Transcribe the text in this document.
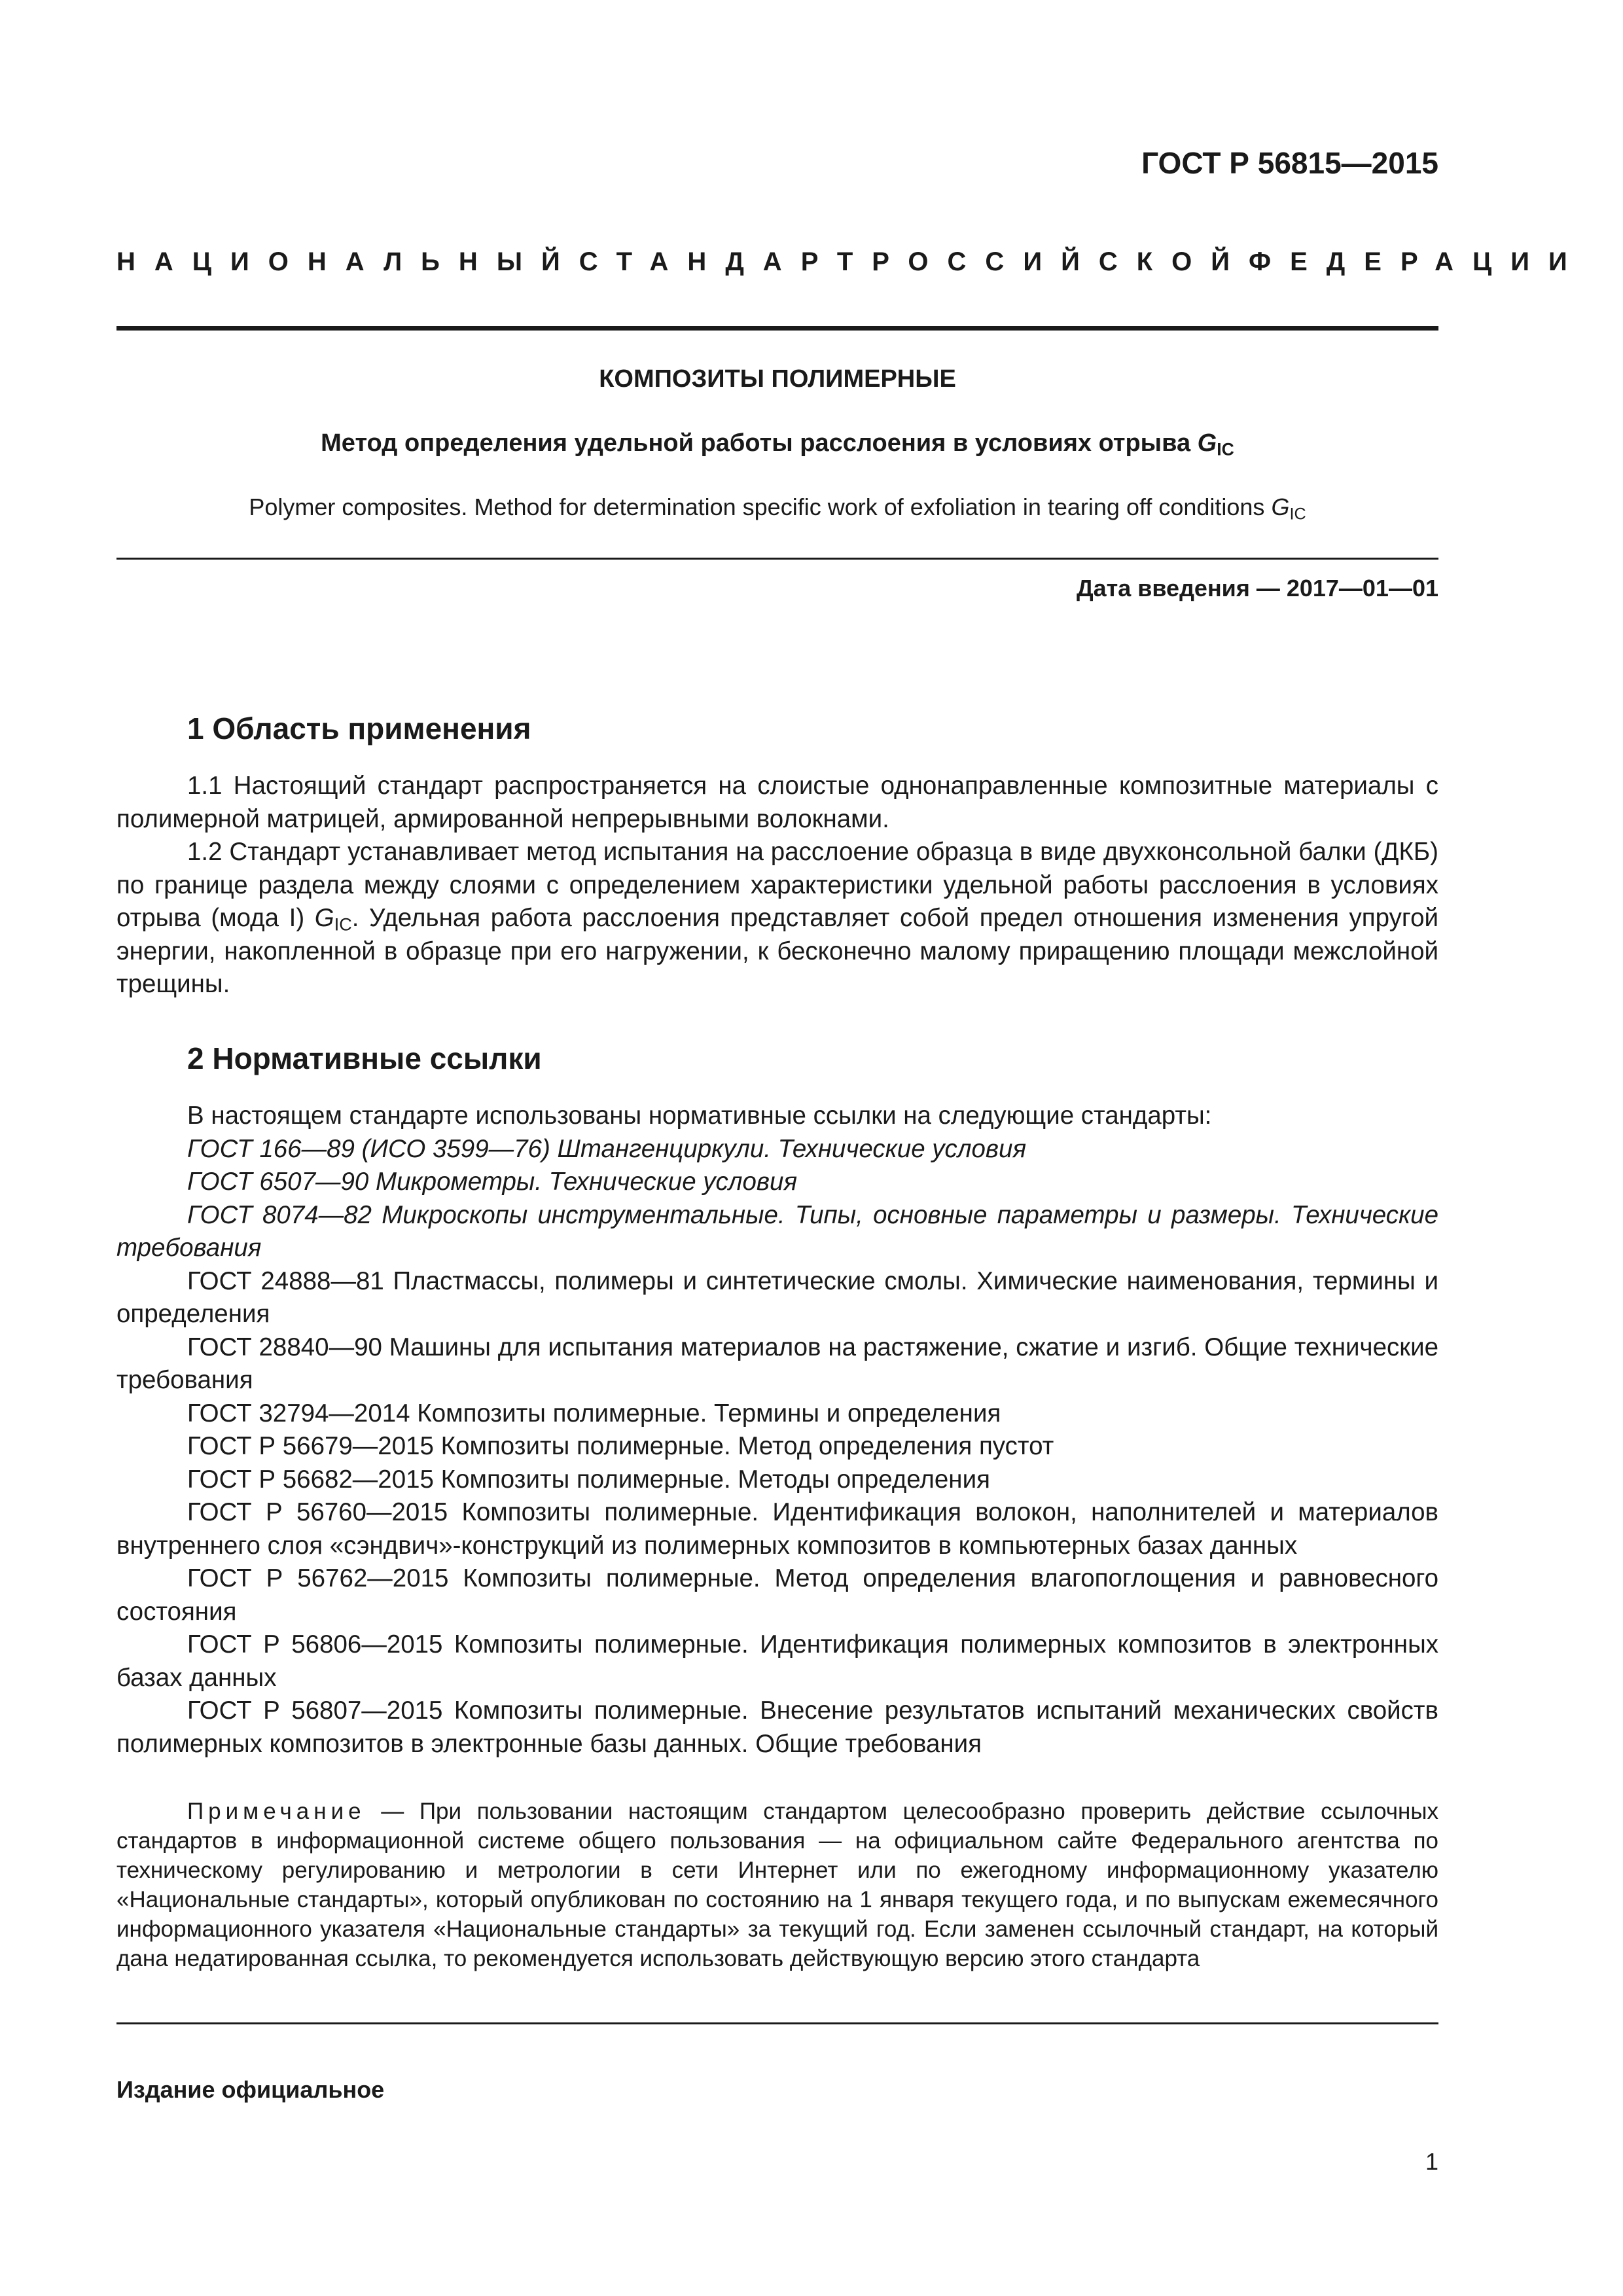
ГОСТ Р 56815—2015
НАЦИОНАЛЬНЫЙ СТАНДАРТ РОССИЙСКОЙ ФЕДЕРАЦИИ
КОМПОЗИТЫ ПОЛИМЕРНЫЕ
Метод определения удельной работы расслоения в условиях отрыва $G_{IC}$
Polymer composites. Method for determination specific work of exfoliation in tearing off conditions $G_{IC}$
Дата введения — 2017—01—01
1 Область применения

1.1 Настоящий стандарт распространяется на слоистые однонаправленные композитные материалы с полимерной матрицей, армированной непрерывными волокнами.

1.2 Стандарт устанавливает метод испытания на расслоение образца в виде двухконсольной балки (ДКБ) по границе раздела между слоями с определением характеристики удельной работы расслоения в условиях отрыва (мода I) $G_{IC}$. Удельная работа расслоения представляет собой предел отношения изменения упругой энергии, накопленной в образце при его нагружении, к бесконечно малому приращению площади межслойной трещины.

2 Нормативные ссылки

В настоящем стандарте использованы нормативные ссылки на следующие стандарты:

ГОСТ 166—89 (ИСО 3599—76) Штангенциркули. Технические условия

ГОСТ 6507—90 Микрометры. Технические условия

ГОСТ 8074—82 Микроскопы инструментальные. Типы, основные параметры и размеры. Технические требования

ГОСТ 24888—81 Пластмассы, полимеры и синтетические смолы. Химические наименования, термины и определения

ГОСТ 28840—90 Машины для испытания материалов на растяжение, сжатие и изгиб. Общие технические требования

ГОСТ 32794—2014 Композиты полимерные. Термины и определения

ГОСТ Р 56679—2015 Композиты полимерные. Метод определения пустот

ГОСТ Р 56682—2015 Композиты полимерные. Методы определения

ГОСТ Р 56760—2015 Композиты полимерные. Идентификация волокон, наполнителей и материалов внутреннего слоя «сэндвич»-конструкций из полимерных композитов в компьютерных базах данных

ГОСТ Р 56762—2015 Композиты полимерные. Метод определения влагопоглощения и равновесного состояния

ГОСТ Р 56806—2015 Композиты полимерные. Идентификация полимерных композитов в электронных базах данных

ГОСТ Р 56807—2015 Композиты полимерные. Внесение результатов испытаний механических свойств полимерных композитов в электронные базы данных. Общие требования

Примечание — При пользовании настоящим стандартом целесообразно проверить действие ссылочных стандартов в информационной системе общего пользования — на официальном сайте Федерального агентства по техническому регулированию и метрологии в сети Интернет или по ежегодному информационному указателю «Национальные стандарты», который опубликован по состоянию на 1 января текущего года, и по выпускам ежемесячного информационного указателя «Национальные стандарты» за текущий год. Если заменен ссылочный стандарт, на который дана недатированная ссылка, то рекомендуется использовать действующую версию этого стандарта

Издание официальное
1
